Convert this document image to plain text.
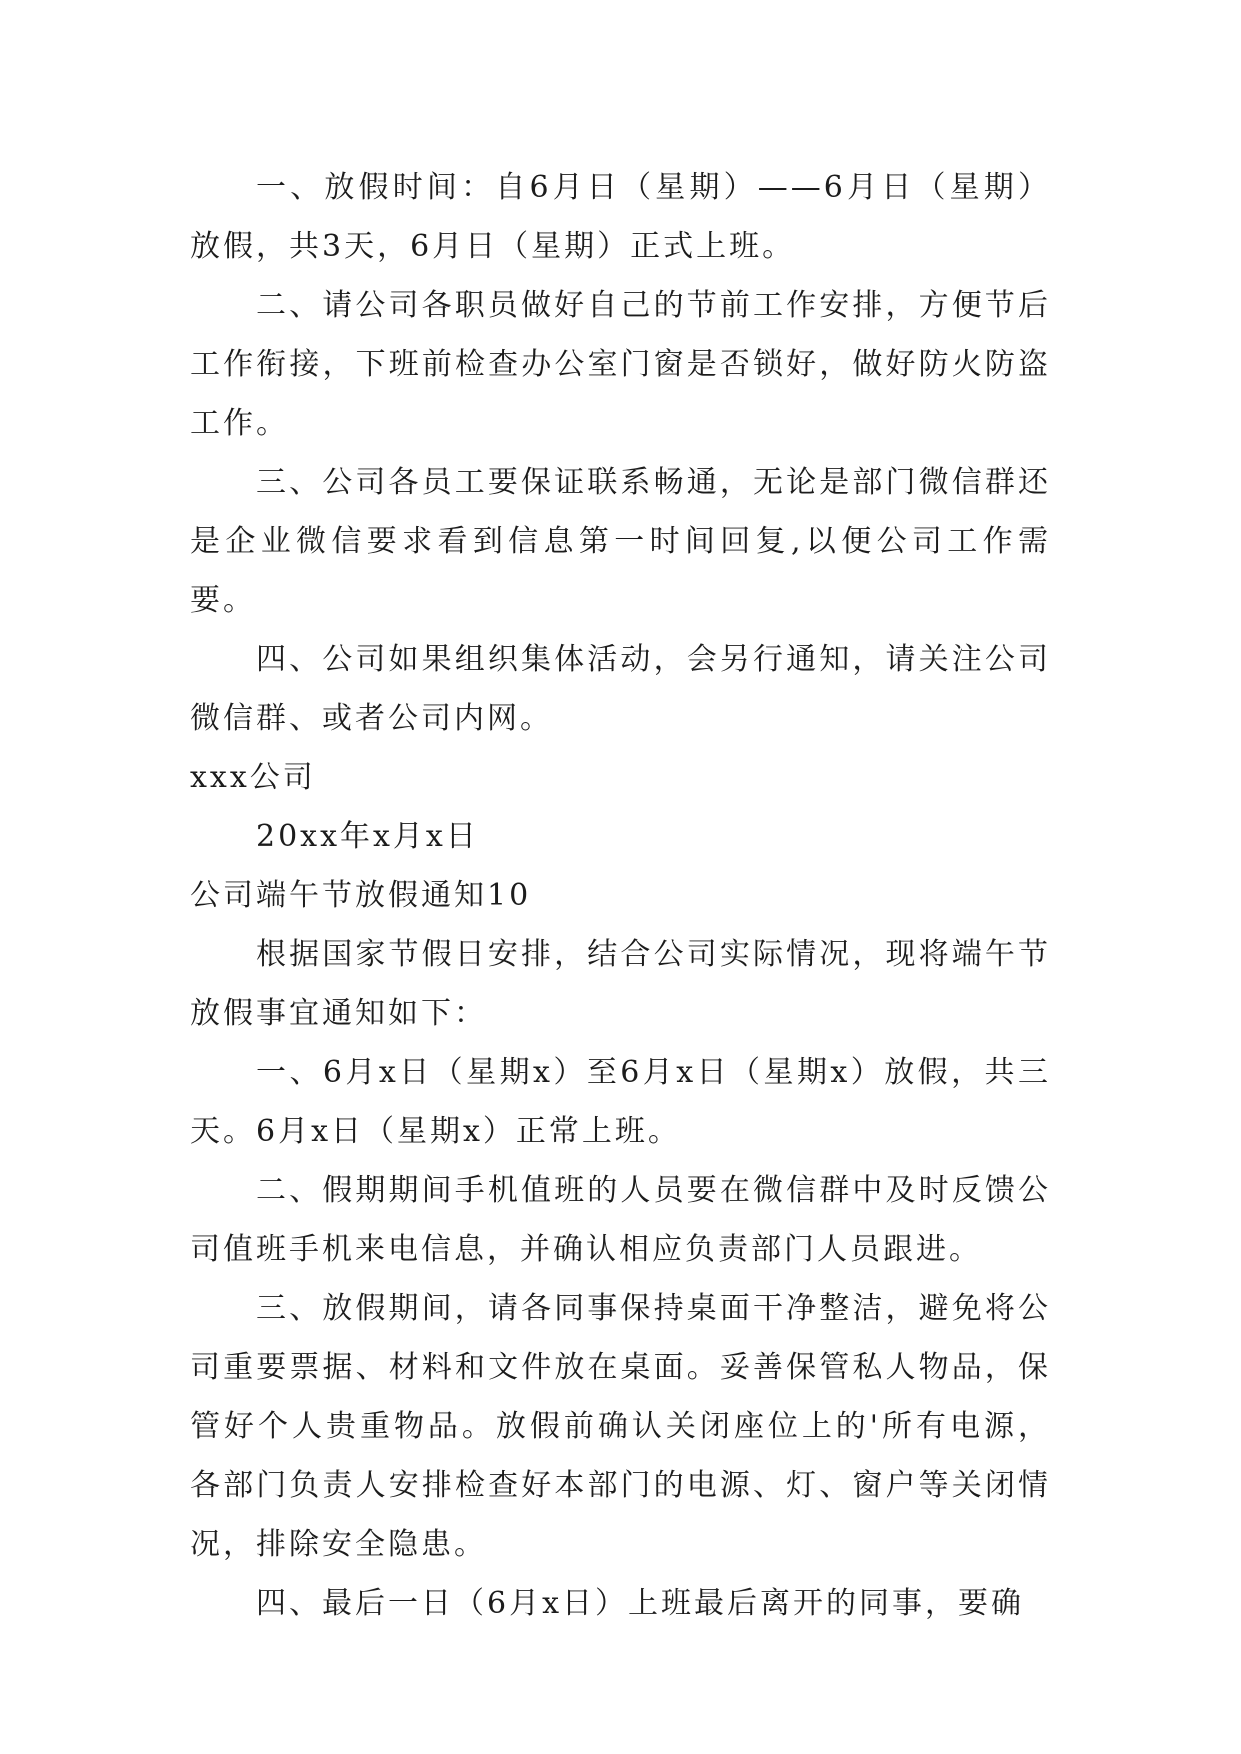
一、放假时间：自6月日（星期）——6月日（星期）放假，共3天，6月日（星期）正式上班。

二、请公司各职员做好自己的节前工作安排，方便节后工作衔接，下班前检查办公室门窗是否锁好，做好防火防盗工作。

三、公司各员工要保证联系畅通，无论是部门微信群还是企业微信要求看到信息第一时间回复,以便公司工作需要。

四、公司如果组织集体活动，会另行通知，请关注公司微信群、或者公司内网。

xxx公司

20xx年x月x日

公司端午节放假通知10

根据国家节假日安排，结合公司实际情况，现将端午节放假事宜通知如下：

一、6月x日（星期x）至6月x日（星期x）放假，共三天。6月x日（星期x）正常上班。

二、假期期间手机值班的人员要在微信群中及时反馈公司值班手机来电信息，并确认相应负责部门人员跟进。

三、放假期间，请各同事保持桌面干净整洁，避免将公司重要票据、材料和文件放在桌面。妥善保管私人物品，保管好个人贵重物品。放假前确认关闭座位上的'所有电源，各部门负责人安排检查好本部门的电源、灯、窗户等关闭情况，排除安全隐患。

四、最后一日（6月x日）上班最后离开的同事，要确
